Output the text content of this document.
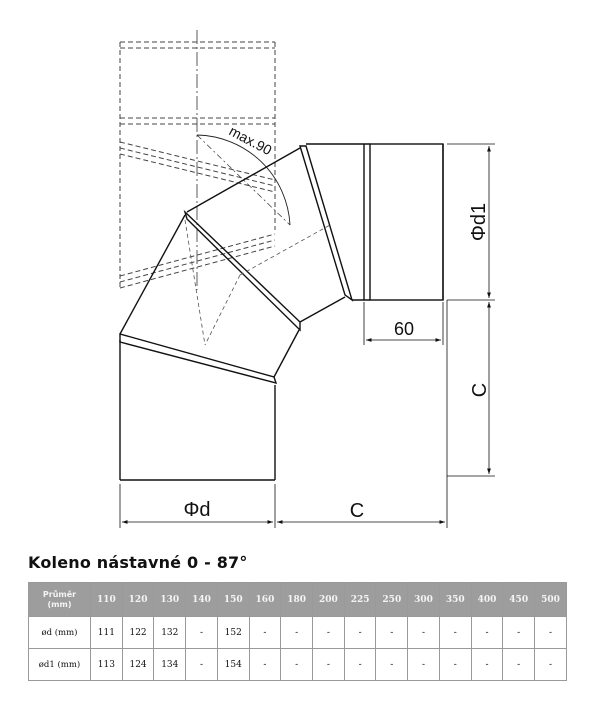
max.90
Φd1
60
C
Φd	C
Koleno nástavné 0 - 87°
Průměr
(mm)	110	120	130	140	150	160	180	200	225	250	300	350	400	450	500
ød (mm)	111	122	132	-	152	-	-	-	-	-	-	-	-	-	-
ød1 (mm)	113	124	134	-	154	-	-	-	-	-	-	-	-	-	-
